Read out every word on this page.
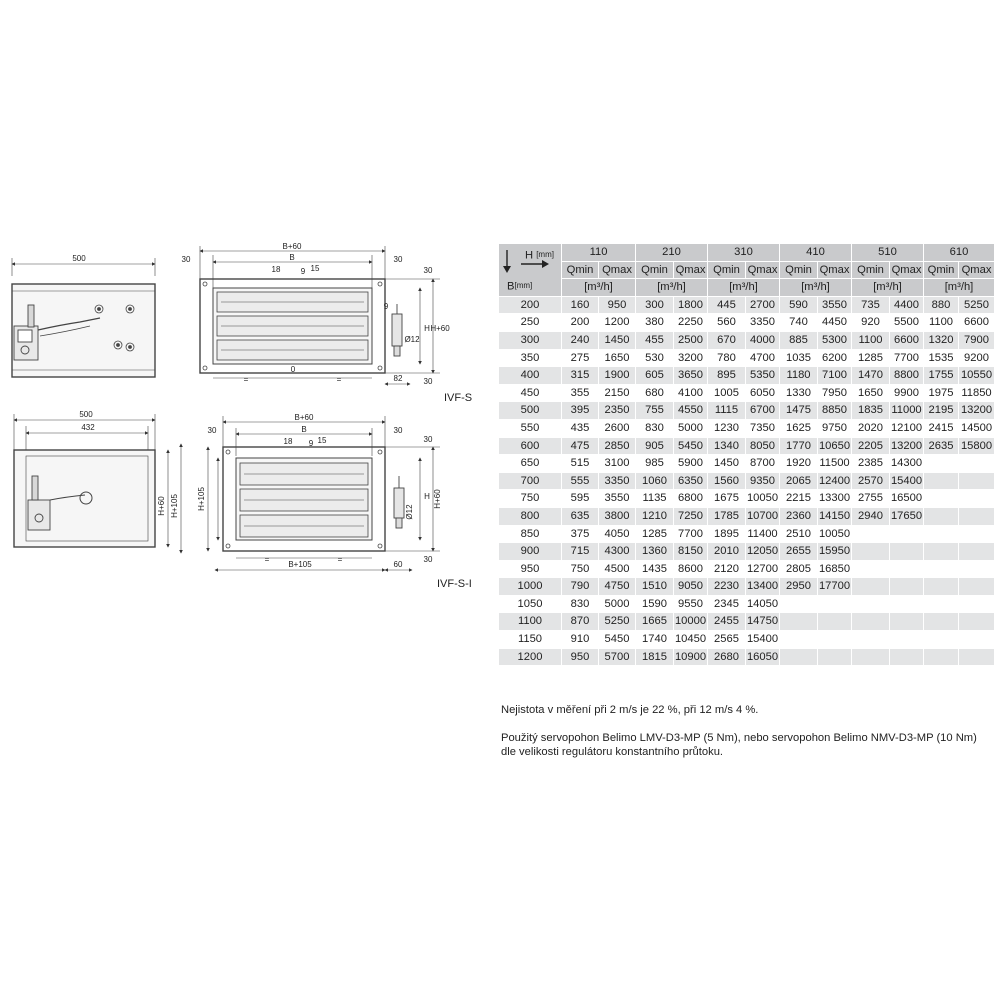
500
B+60
B
30	30
18	9 15
H H+60
Ø12
9
82
30
30
=	=
0
500
432
H+60 H+105
B+60
B
30	30
18 9 15
H+105	H H+60
Ø12
B+105	60
30
30
=	=
IVF-S
IVF-S-I
H [mm]
B[mm]	110		210		310		410		510		610	
	Qmin	Qmax	Qmin	Qmax	Qmin	Qmax	Qmin	Qmax	Qmin	Qmax	Qmin	Qmax
	[m³/h]		[m³/h]		[m³/h]		[m³/h]		[m³/h]		[m³/h]	
200	160	950	300	1800	445	2700	590	3550	735	4400	880	5250
250	200	1200	380	2250	560	3350	740	4450	920	5500	1100	6600
300	240	1450	455	2500	670	4000	885	5300	1100	6600	1320	7900
350	275	1650	530	3200	780	4700	1035	6200	1285	7700	1535	9200
400	315	1900	605	3650	895	5350	1180	7100	1470	8800	1755	10550
450	355	2150	680	4100	1005	6050	1330	7950	1650	9900	1975	11850
500	395	2350	755	4550	1115	6700	1475	8850	1835	11000	2195	13200
550	435	2600	830	5000	1230	7350	1625	9750	2020	12100	2415	14500
600	475	2850	905	5450	1340	8050	1770	10650	2205	13200	2635	15800
650	515	3100	985	5900	1450	8700	1920	11500	2385	14300		
700	555	3350	1060	6350	1560	9350	2065	12400	2570	15400		
750	595	3550	1135	6800	1675	10050	2215	13300	2755	16500		
800	635	3800	1210	7250	1785	10700	2360	14150	2940	17650		
850	375	4050	1285	7700	1895	11400	2510	10050				
900	715	4300	1360	8150	2010	12050	2655	15950				
950	750	4500	1435	8600	2120	12700	2805	16850				
1000	790	4750	1510	9050	2230	13400	2950	17700				
1050	830	5000	1590	9550	2345	14050						
1100	870	5250	1665	10000	2455	14750						
1150	910	5450	1740	10450	2565	15400						
1200	950	5700	1815	10900	2680	16050						
Nejistota v měření při 2 m/s je 22 %, při 12 m/s 4 %.
Použitý servopohon Belimo LMV-D3-MP (5 Nm), nebo servopohon Belimo NMV-D3-MP (10 Nm)
dle velikosti regulátoru konstantního průtoku.
